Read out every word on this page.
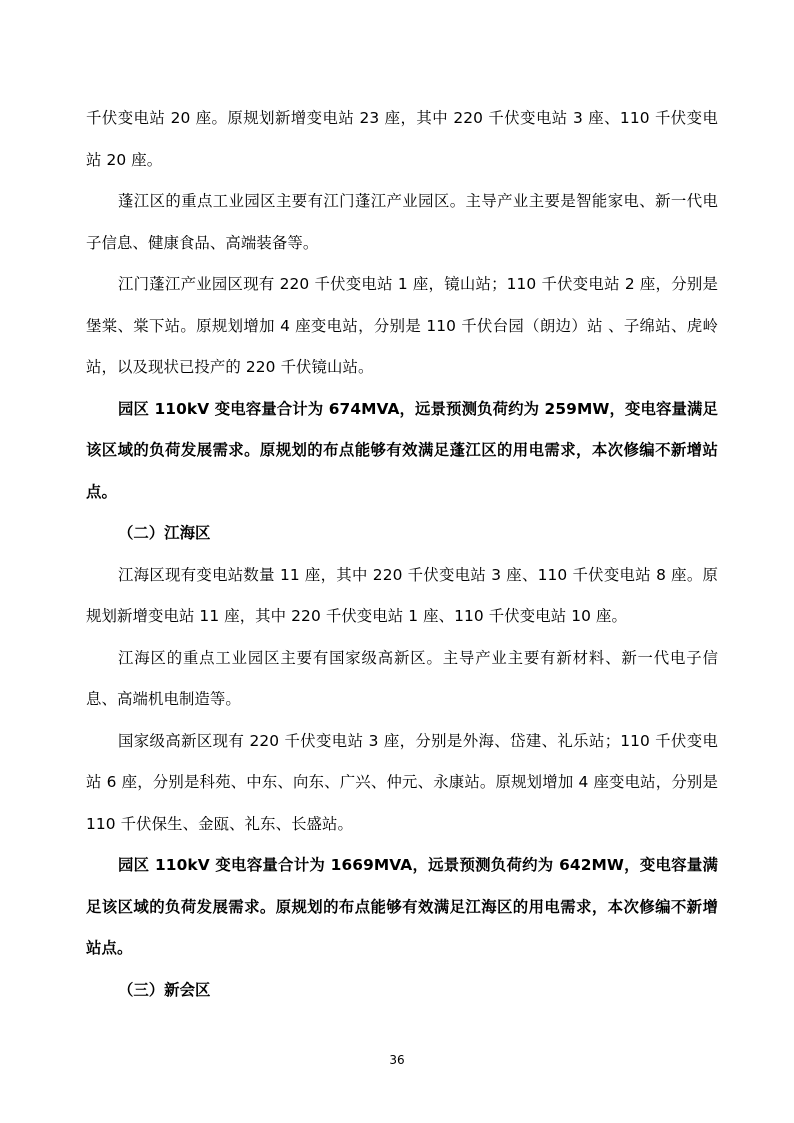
千伏变电站 20 座。原规划新增变电站 23 座，其中 220 千伏变电站 3 座、110 千伏变电站 20 座。

蓬江区的重点工业园区主要有江门蓬江产业园区。主导产业主要是智能家电、新一代电子信息、健康食品、高端装备等。

江门蓬江产业园区现有 220 千伏变电站 1 座，镜山站；110 千伏变电站 2 座，分别是堡棠、棠下站。原规划增加 4 座变电站，分别是 110 千伏台园（朗边）站 、子绵站、虎岭站，以及现状已投产的 220 千伏镜山站。

园区 110kV 变电容量合计为 674MVA，远景预测负荷约为 259MW，变电容量满足该区域的负荷发展需求。原规划的布点能够有效满足蓬江区的用电需求，本次修编不新增站点。

（二）江海区

江海区现有变电站数量 11 座，其中 220 千伏变电站 3 座、110 千伏变电站 8 座。原规划新增变电站 11 座，其中 220 千伏变电站 1 座、110 千伏变电站 10 座。

江海区的重点工业园区主要有国家级高新区。主导产业主要有新材料、新一代电子信息、高端机电制造等。

国家级高新区现有 220 千伏变电站 3 座，分别是外海、岱建、礼乐站；110 千伏变电站 6 座，分别是科苑、中东、向东、广兴、仲元、永康站。原规划增加 4 座变电站，分别是 110 千伏保生、金瓯、礼东、长盛站。

园区 110kV 变电容量合计为 1669MVA，远景预测负荷约为 642MW，变电容量满足该区域的负荷发展需求。原规划的布点能够有效满足江海区的用电需求，本次修编不新增站点。

（三）新会区

36
